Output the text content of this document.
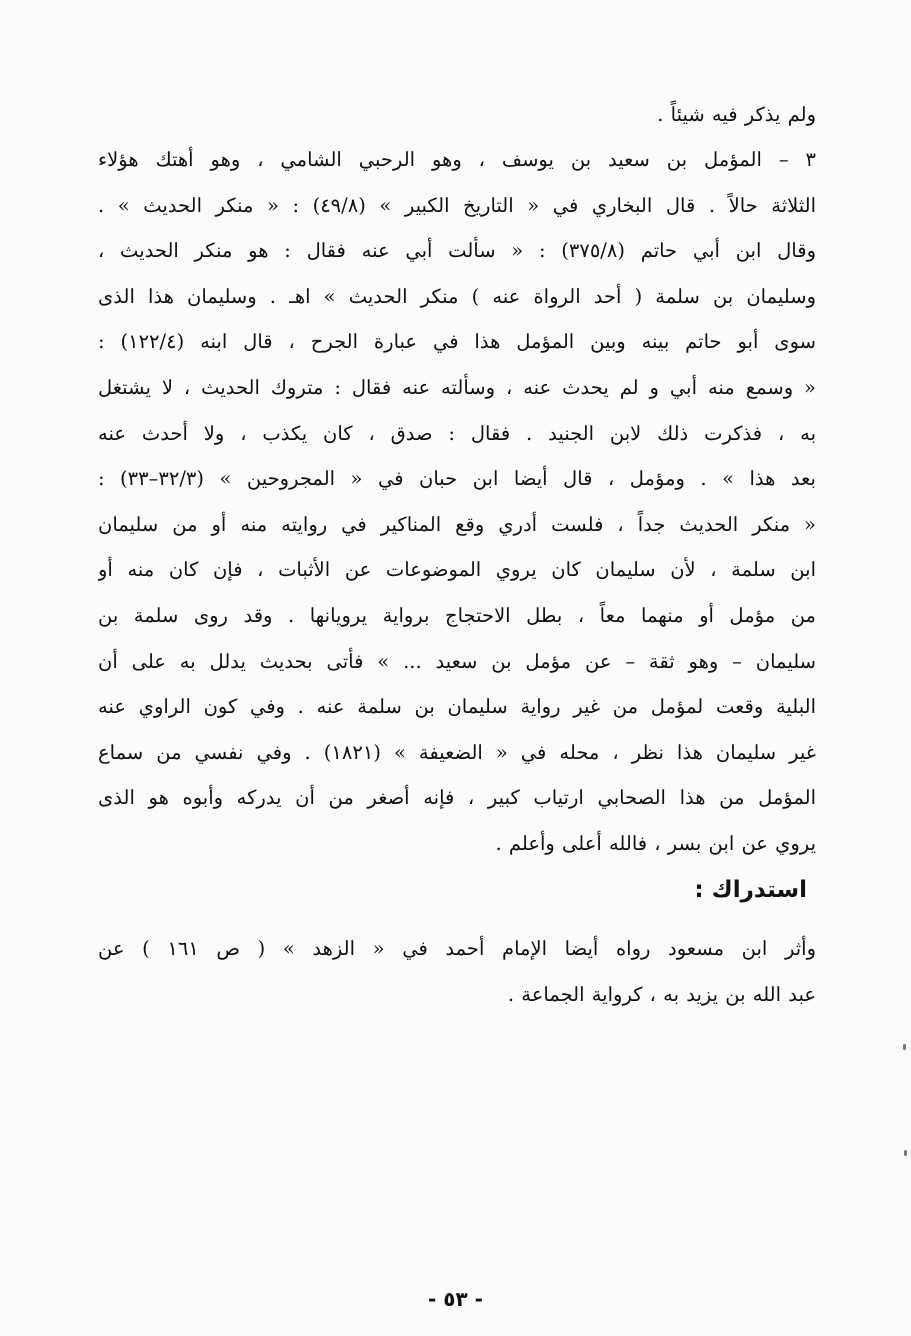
ولم يذكر فيه شيئاً .
٣ – المؤمل بن سعيد بن يوسف ، وهو الرحبي الشامي ، وهو أهتك هؤلاء
الثلاثة حالاً . قال البخاري في « التاريخ الكبير » (٤٩/٨) : « منكر الحديث » .
وقال ابن أبي حاتم (٣٧٥/٨) : « سألت أبي عنه فقال : هو منكر الحديث ،
وسليمان بن سلمة ( أحد الرواة عنه ) منكر الحديث » اهـ . وسليمان هذا الذى
سوى أبو حاتم بينه وبين المؤمل هذا في عبارة الجرح ، قال ابنه (١٢٢/٤) :
« وسمع منه أبي و لم يحدث عنه ، وسألته عنه فقال : متروك الحديث ، لا يشتغل
به ، فذكرت ذلك لابن الجنيد . فقال : صدق ، كان يكذب ، ولا أحدث عنه
بعد هذا » . ومؤمل ، قال أيضا ابن حبان في « المجروحين » (٣٢/٣–٣٣) :
« منكر الحديث جداً ، فلست أدري وقع المناكير في روايته منه أو من سليمان
ابن سلمة ، لأن سليمان كان يروي الموضوعات عن الأثبات ، فإن كان منه أو
من مؤمل أو منهما معاً ، بطل الاحتجاج برواية يرويانها . وقد روى سلمة بن
سليمان – وهو ثقة – عن مؤمل بن سعيد ... » فأتى بحديث يدلل به على أن
البلية وقعت لمؤمل من غير رواية سليمان بن سلمة عنه . وفي كون الراوي عنه
غير سليمان هذا نظر ، محله في « الضعيفة » (١٨٢١) . وفي نفسي من سماع
المؤمل من هذا الصحابي ارتياب كبير ، فإنه أصغر من أن يدركه وأبوه هو الذى
يروي عن ابن بسر ، فالله أعلى وأعلم .
استدراك :
وأثر ابن مسعود رواه أيضا الإمام أحمد في « الزهد » ( ص ١٦١ ) عن
عبد الله بن يزيد به ، كرواية الجماعة .
- ٥٣ -
